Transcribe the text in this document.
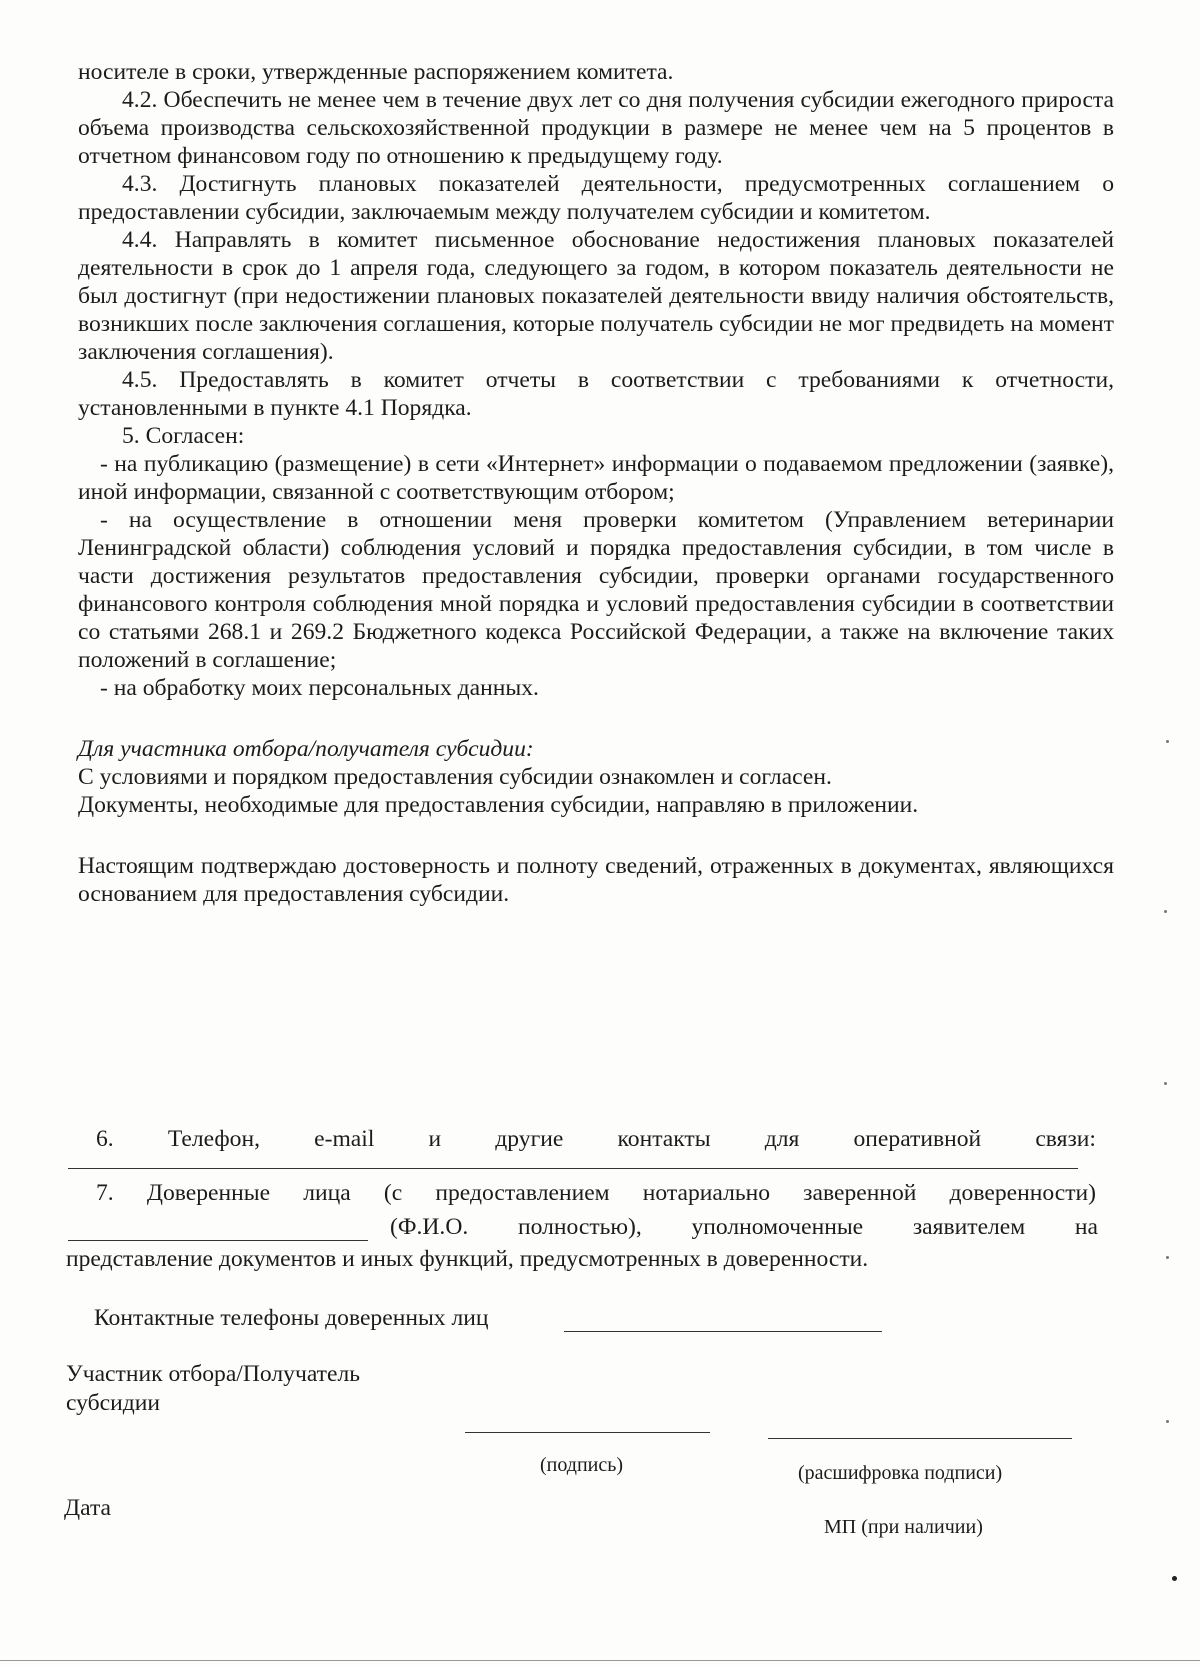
носителе в сроки, утвержденные распоряжением комитета.

4.2. Обеспечить не менее чем в течение двух лет со дня получения субсидии ежегодного прироста объема производства сельскохозяйственной продукции в размере не менее чем на 5 процентов в отчетном финансовом году по отношению к предыдущему году.

4.3. Достигнуть плановых показателей деятельности, предусмотренных соглашением о предоставлении субсидии, заключаемым между получателем субсидии и комитетом.

4.4. Направлять в комитет письменное обоснование недостижения плановых показателей деятельности в срок до 1 апреля года, следующего за годом, в котором показатель деятельности не был достигнут (при недостижении плановых показателей деятельности ввиду наличия обстоятельств, возникших после заключения соглашения, которые получатель субсидии не мог предвидеть на момент заключения соглашения).

4.5. Предоставлять в комитет отчеты в соответствии с требованиями к отчетности, установленными в пункте 4.1 Порядка.

5. Согласен:

- на публикацию (размещение) в сети «Интернет» информации о подаваемом предложении (заявке), иной информации, связанной с соответствующим отбором;

- на осуществление в отношении меня проверки комитетом (Управлением ветеринарии Ленинградской области) соблюдения условий и порядка предоставления субсидии, в том числе в части достижения результатов предоставления субсидии, проверки органами государственного финансового контроля соблюдения мной порядка и условий предоставления субсидии в соответствии со статьями 268.1 и 269.2 Бюджетного кодекса Российской Федерации, а также на включение таких положений в соглашение;

- на обработку моих персональных данных.

Для участника отбора/получателя субсидии:

С условиями и порядком предоставления субсидии ознакомлен и согласен.

Документы, необходимые для предоставления субсидии, направляю в приложении.

Настоящим подтверждаю достоверность и полноту сведений, отраженных в документах, являющихся основанием для предоставления субсидии.

6. Телефон, e-mail и другие контакты для оперативной связи:
7. Доверенные лица (с предоставлением нотариально заверенной доверенности)
(Ф.И.О. полностью), уполномоченные заявителем на
представление документов и иных функций, предусмотренных в доверенности.
Контактные телефоны доверенных лиц
Участник отбора/Получатель
субсидии
(подпись)	(расшифровка подписи)
Дата
МП (при наличии)
